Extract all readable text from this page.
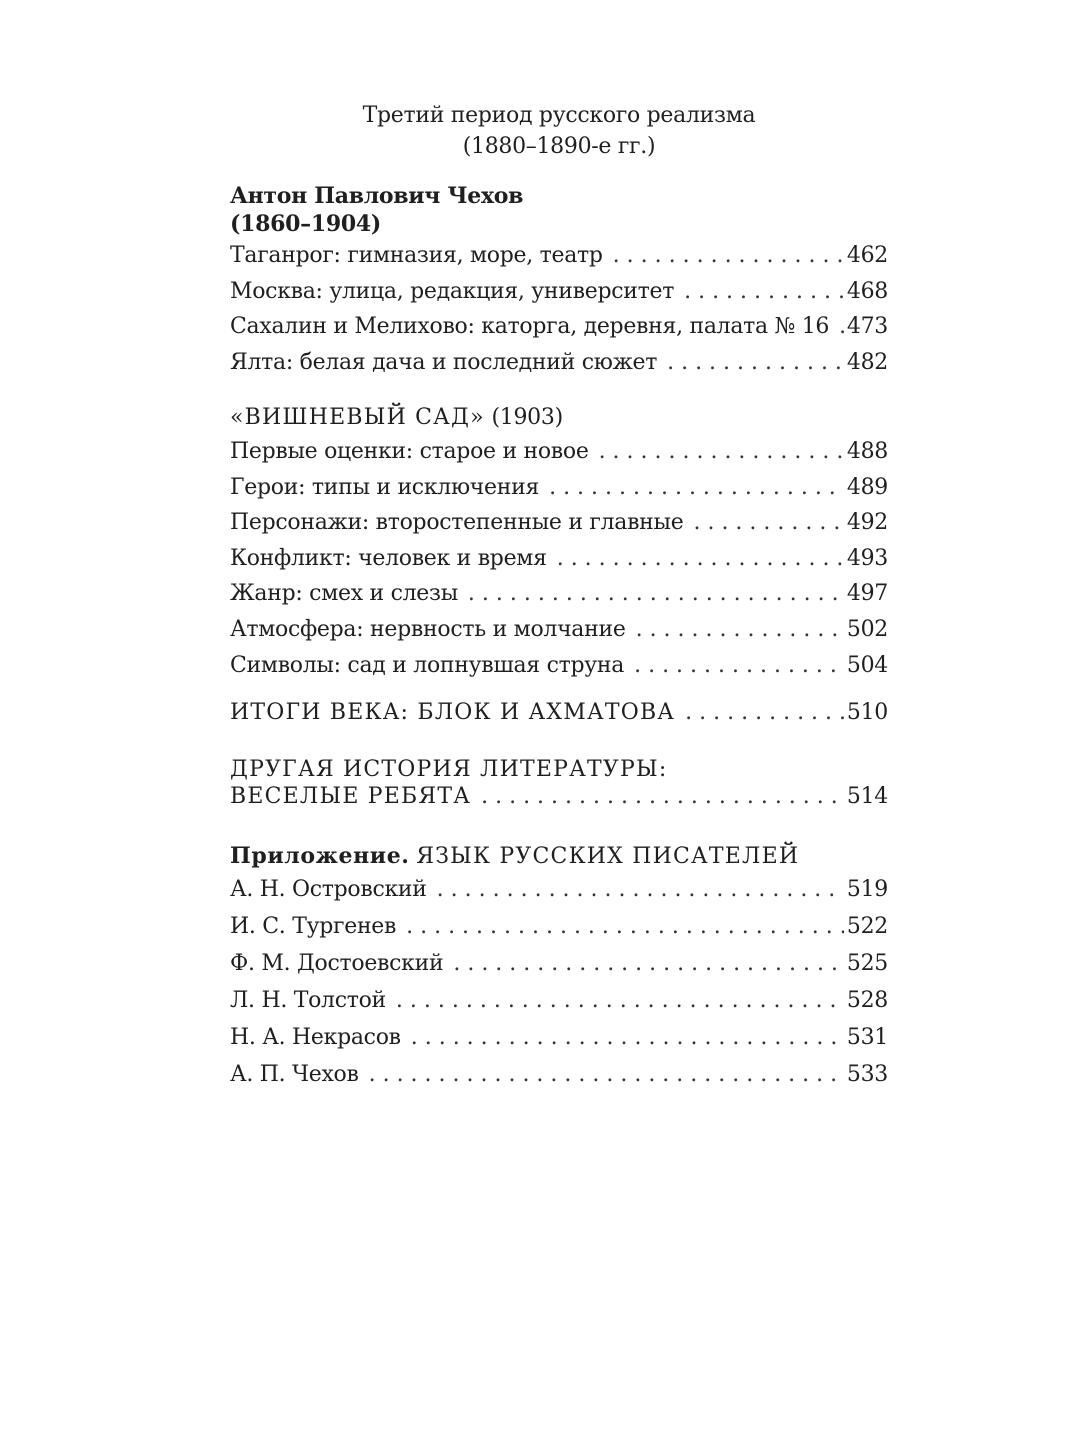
Третий период русского реализма
(1880–1890-е гг.)
Антон Павлович Чехов
(1860–1904)
Таганрог: гимназия, море, театр . . .	462
Москва: улица, редакция, университет . . .	468
Сахалин и Мелихово: каторга, деревня, палата № 16 . . . 473
Ялта: белая дача и последний сюжет . . .	482
«ВИШНЕВЫЙ САД» (1903)
Первые оценки: старое и новое . . .	488
Герои: типы и исключения . . .	489
Персонажи: второстепенные и главные . . .	492
Конфликт: человек и время . . .	493
Жанр: смех и слезы . . .	497
Атмосфера: нервность и молчание . . .	502
Символы: сад и лопнувшая струна . . .	504
ИТОГИ ВЕКА: БЛОК И АХМАТОВА . . .	510
ДРУГАЯ ИСТОРИЯ ЛИТЕРАТУРЫ:
ВЕСЕЛЫЕ РЕБЯТА . . .	514
Приложение. ЯЗЫК РУССКИХ ПИСАТЕЛЕЙ
А. Н. Островский . . .	519
И. С. Тургенев . . .	522
Ф. М. Достоевский . . .	525
Л. Н. Толстой . . .	528
Н. А. Некрасов . . .	531
А. П. Чехов . . .	533
